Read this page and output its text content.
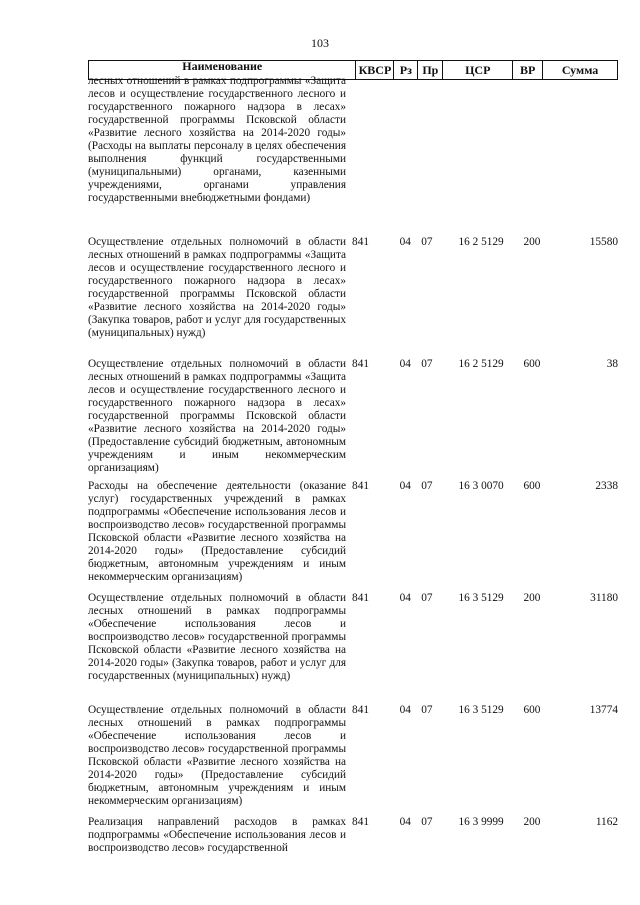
103
Наименование	КВСР Рз Пр	ЦСР	ВР	Сумма
лесных отношений в рамках подпрограммы «Защита лесов и осуществление государственного лесного и государственного пожарного надзора в лесах» государственной программы Псковской области «Развитие лесного хозяйства на 2014-2020 годы» (Расходы на выплаты персоналу в целях обеспечения выполнения функций государственными (муниципальными) органами, казенными учреждениями, органами управления государственными внебюджетными фондами)
Осуществление отдельных полномочий в области лесных отношений в рамках подпрограммы «Защита лесов и осуществление государственного лесного и государственного пожарного надзора в лесах» государственной программы Псковской области «Развитие лесного хозяйства на 2014-2020 годы» (Закупка товаров, работ и услуг для государственных (муниципальных) нужд)
841	04 07	16 2 5129	200	15580
Осуществление отдельных полномочий в области лесных отношений в рамках подпрограммы «Защита лесов и осуществление государственного лесного и государственного пожарного надзора в лесах» государственной программы Псковской области «Развитие лесного хозяйства на 2014-2020 годы» (Предоставление субсидий бюджетным, автономным учреждениям и иным некоммерческим организациям)
841	04 07	16 2 5129	600	38
Расходы на обеспечение деятельности (оказание услуг) государственных учреждений в рамках подпрограммы «Обеспечение использования лесов и воспроизводство лесов» государственной программы Псковской области «Развитие лесного хозяйства на 2014-2020 годы» (Предоставление субсидий бюджетным, автономным учреждениям и иным некоммерческим организациям)
841	04 07	16 3 0070	600	2338
Осуществление отдельных полномочий в области лесных отношений в рамках подпрограммы «Обеспечение использования лесов и воспроизводство лесов» государственной программы Псковской области «Развитие лесного хозяйства на 2014-2020 годы» (Закупка товаров, работ и услуг для государственных (муниципальных) нужд)
841	04 07	16 3 5129	200	31180
Осуществление отдельных полномочий в области лесных отношений в рамках подпрограммы «Обеспечение использования лесов и воспроизводство лесов» государственной программы Псковской области «Развитие лесного хозяйства на 2014-2020 годы» (Предоставление субсидий бюджетным, автономным учреждениям и иным некоммерческим организациям)
841	04 07	16 3 5129	600	13774
Реализация направлений расходов в рамках подпрограммы «Обеспечение использования лесов и воспроизводство лесов» государственной
841	04 07	16 3 9999	200	1162
